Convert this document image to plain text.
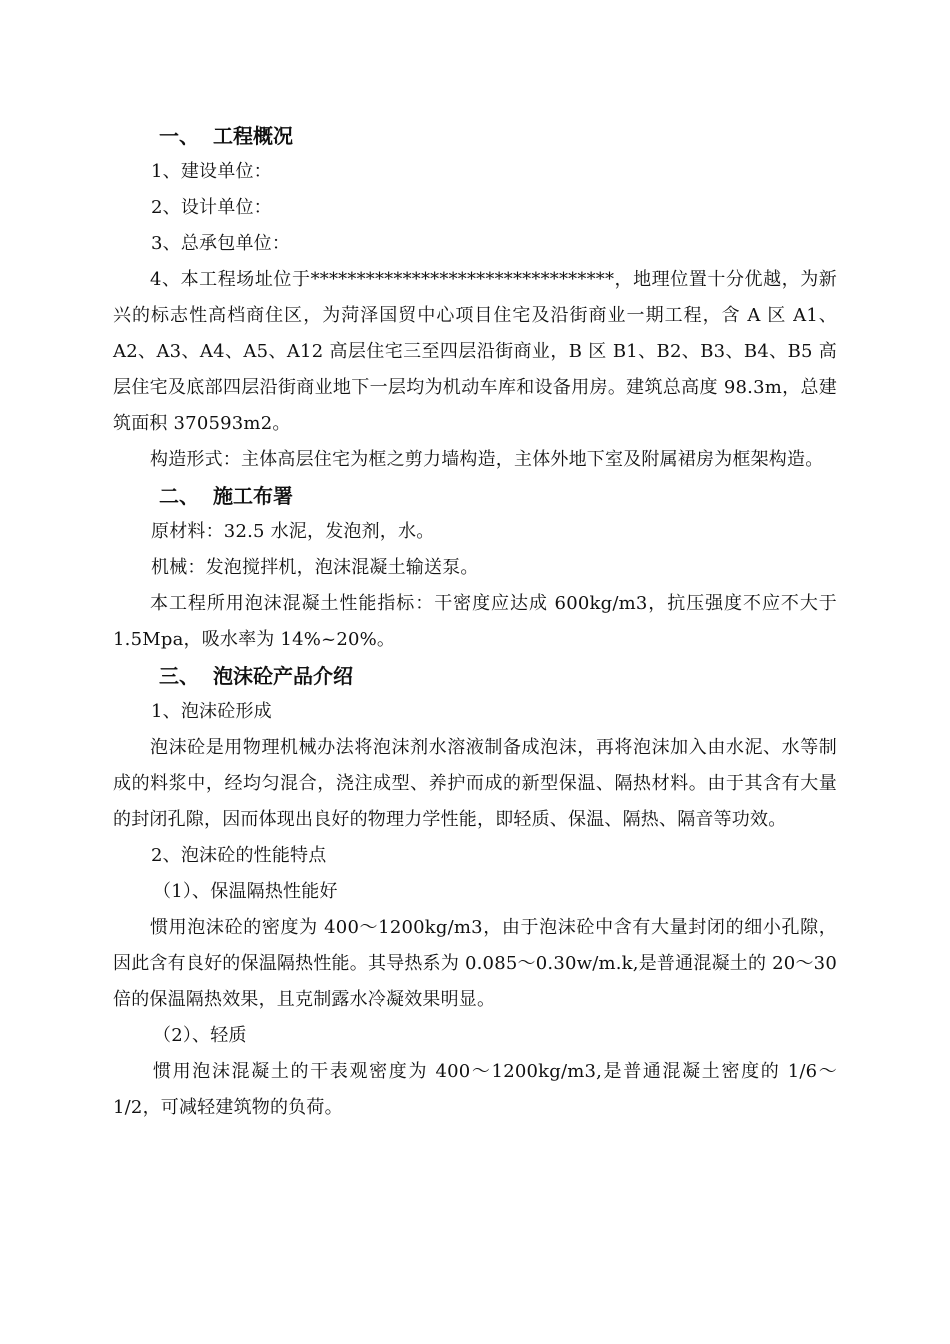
一、 工程概况

1、建设单位：

2、设计单位：

3、总承包单位：

4、本工程场址位于*********************************，地理位置十分优越，为新兴的标志性高档商住区，为菏泽国贸中心项目住宅及沿街商业一期工程，含 A 区 A1、A2、A3、A4、A5、A12 高层住宅三至四层沿街商业，B 区 B1、B2、B3、B4、B5 高层住宅及底部四层沿街商业地下一层均为机动车库和设备用房。建筑总高度 98.3m，总建筑面积 370593m2。

构造形式：主体高层住宅为框之剪力墙构造，主体外地下室及附属裙房为框架构造。

二、 施工布署

原材料：32.5 水泥，发泡剂，水。

机械：发泡搅拌机，泡沫混凝土输送泵。

本工程所用泡沫混凝土性能指标：干密度应达成 600kg/m3，抗压强度不应不大于 1.5Mpa，吸水率为 14%~20%。

三、 泡沫砼产品介绍

1、泡沫砼形成

泡沫砼是用物理机械办法将泡沫剂水溶液制备成泡沫，再将泡沫加入由水泥、水等制成的料浆中，经均匀混合，浇注成型、养护而成的新型保温、隔热材料。由于其含有大量的封闭孔隙，因而体现出良好的物理力学性能，即轻质、保温、隔热、隔音等功效。

2、泡沫砼的性能特点

（1）、保温隔热性能好

惯用泡沫砼的密度为 400～1200kg/m3，由于泡沫砼中含有大量封闭的细小孔隙，因此含有良好的保温隔热性能。其导热系为 0.085～0.30w/m.k,是普通混凝土的 20～30 倍的保温隔热效果，且克制露水冷凝效果明显。

（2）、轻质

惯用泡沫混凝土的干表观密度为 400～1200kg/m3,是普通混凝土密度的 1/6～1/2，可减轻建筑物的负荷。
